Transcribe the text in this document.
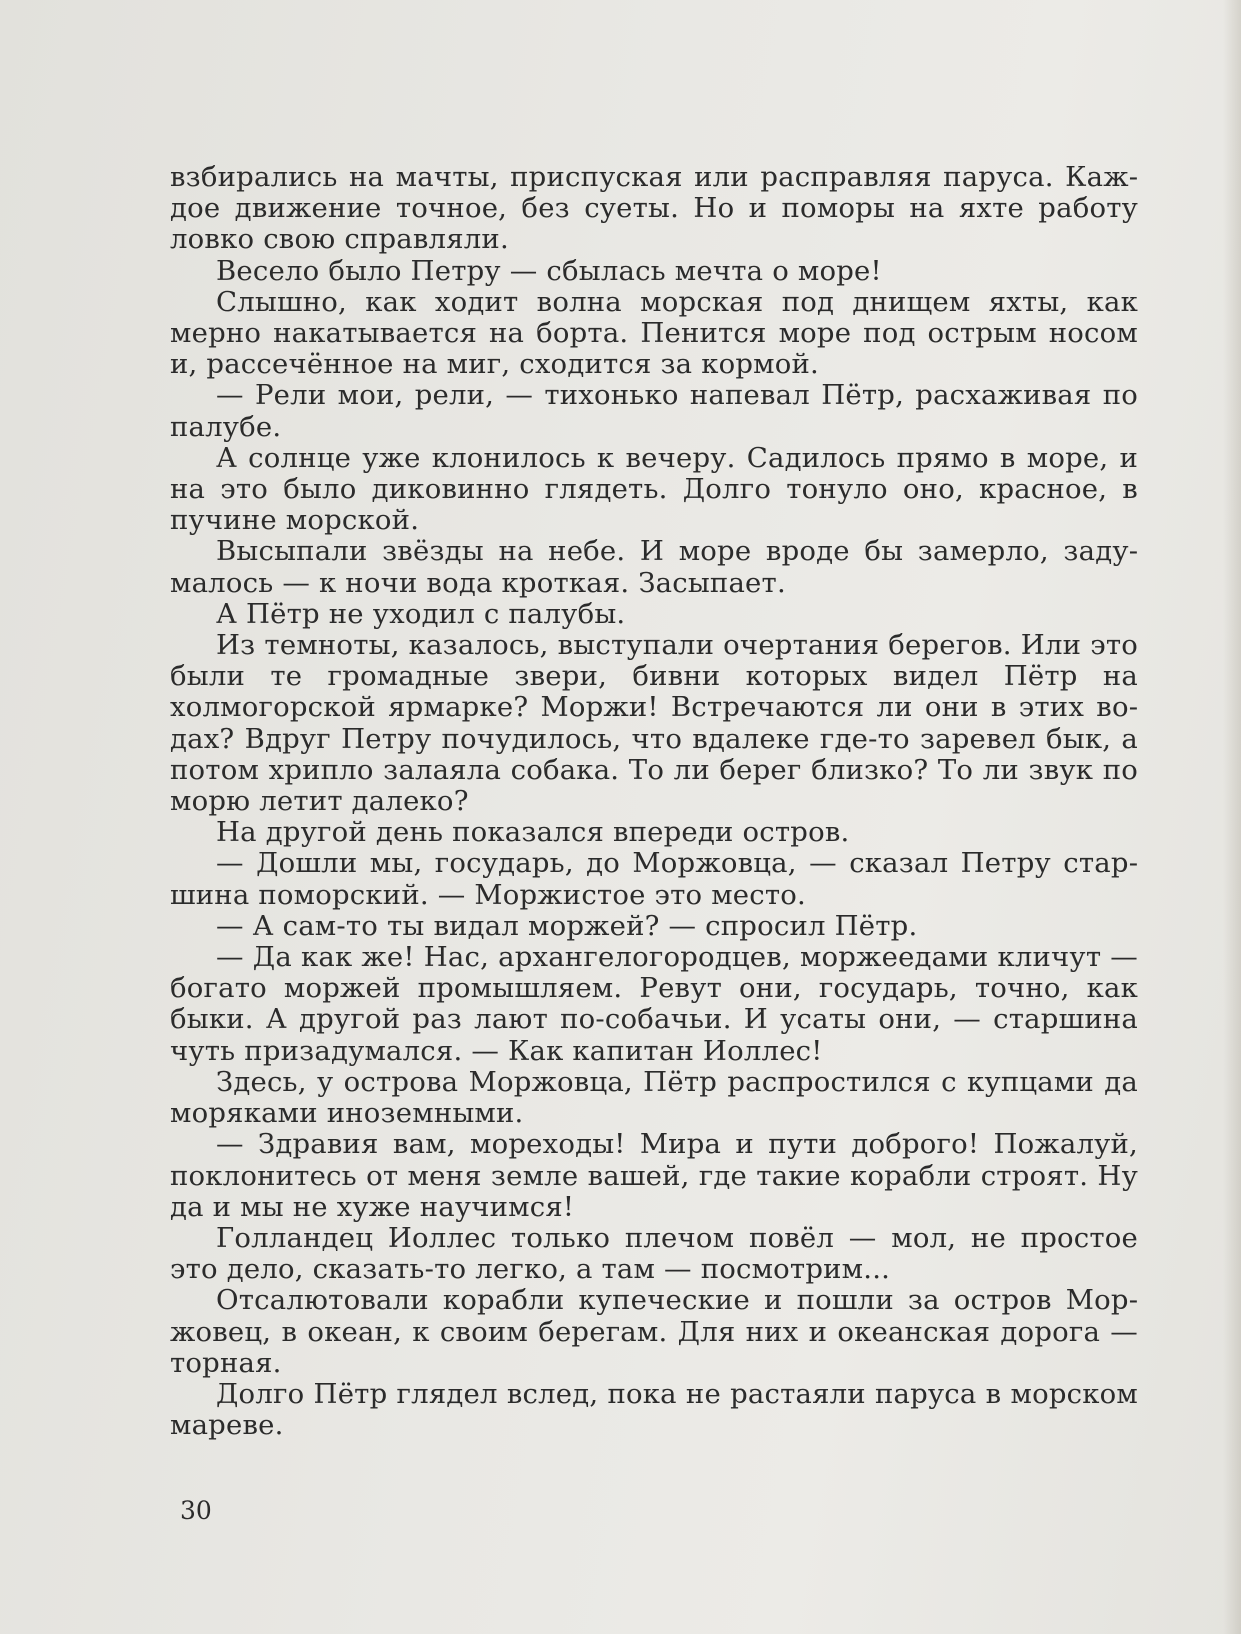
взбирались на мачты, приспуская или расправляя паруса. Каждое движение точное, без суеты. Но и поморы на яхте работу ловко свою справляли.

Весело было Петру — сбылась мечта о море!

Слышно, как ходит волна морская под днищем яхты, как мерно накатывается на борта. Пенится море под острым носом и, рассечённое на миг, сходится за кормой.

— Рели мои, рели, — тихонько напевал Пётр, расхаживая по палубе.

А солнце уже клонилось к вечеру. Садилось прямо в море, и на это было диковинно глядеть. Долго тонуло оно, красное, в пучине морской.

Высыпали звёзды на небе. И море вроде бы замерло, задумалось — к ночи вода кроткая. Засыпает.

А Пётр не уходил с палубы.

Из темноты, казалось, выступали очертания берегов. Или это были те громадные звери, бивни которых видел Пётр на холмогорской ярмарке? Моржи! Встречаются ли они в этих водах? Вдруг Петру почудилось, что вдалеке где-то заревел бык, а потом хрипло залаяла собака. То ли берег близко? То ли звук по морю летит далеко?

На другой день показался впереди остров.

— Дошли мы, государь, до Моржовца, — сказал Петру старшина поморский. — Моржистое это место.

— А сам-то ты видал моржей? — спросил Пётр.

— Да как же! Нас, архангелогородцев, моржеедами кличут — богато моржей промышляем. Ревут они, государь, точно, как быки. А другой раз лают по-собачьи. И усаты они, — старшина чуть призадумался. — Как капитан Иоллес!

Здесь, у острова Моржовца, Пётр распростился с купцами да моряками иноземными.

— Здравия вам, мореходы! Мира и пути доброго! Пожалуй, поклонитесь от меня земле вашей, где такие корабли строят. Ну да и мы не хуже научимся!

Голландец Иоллес только плечом повёл — мол, не простое это дело, сказать-то легко, а там — посмотрим...

Отсалютовали корабли купеческие и пошли за остров Моржовец, в океан, к своим берегам. Для них и океанская дорога — торная.

Долго Пётр глядел вслед, пока не растаяли паруса в морском мареве.

30
